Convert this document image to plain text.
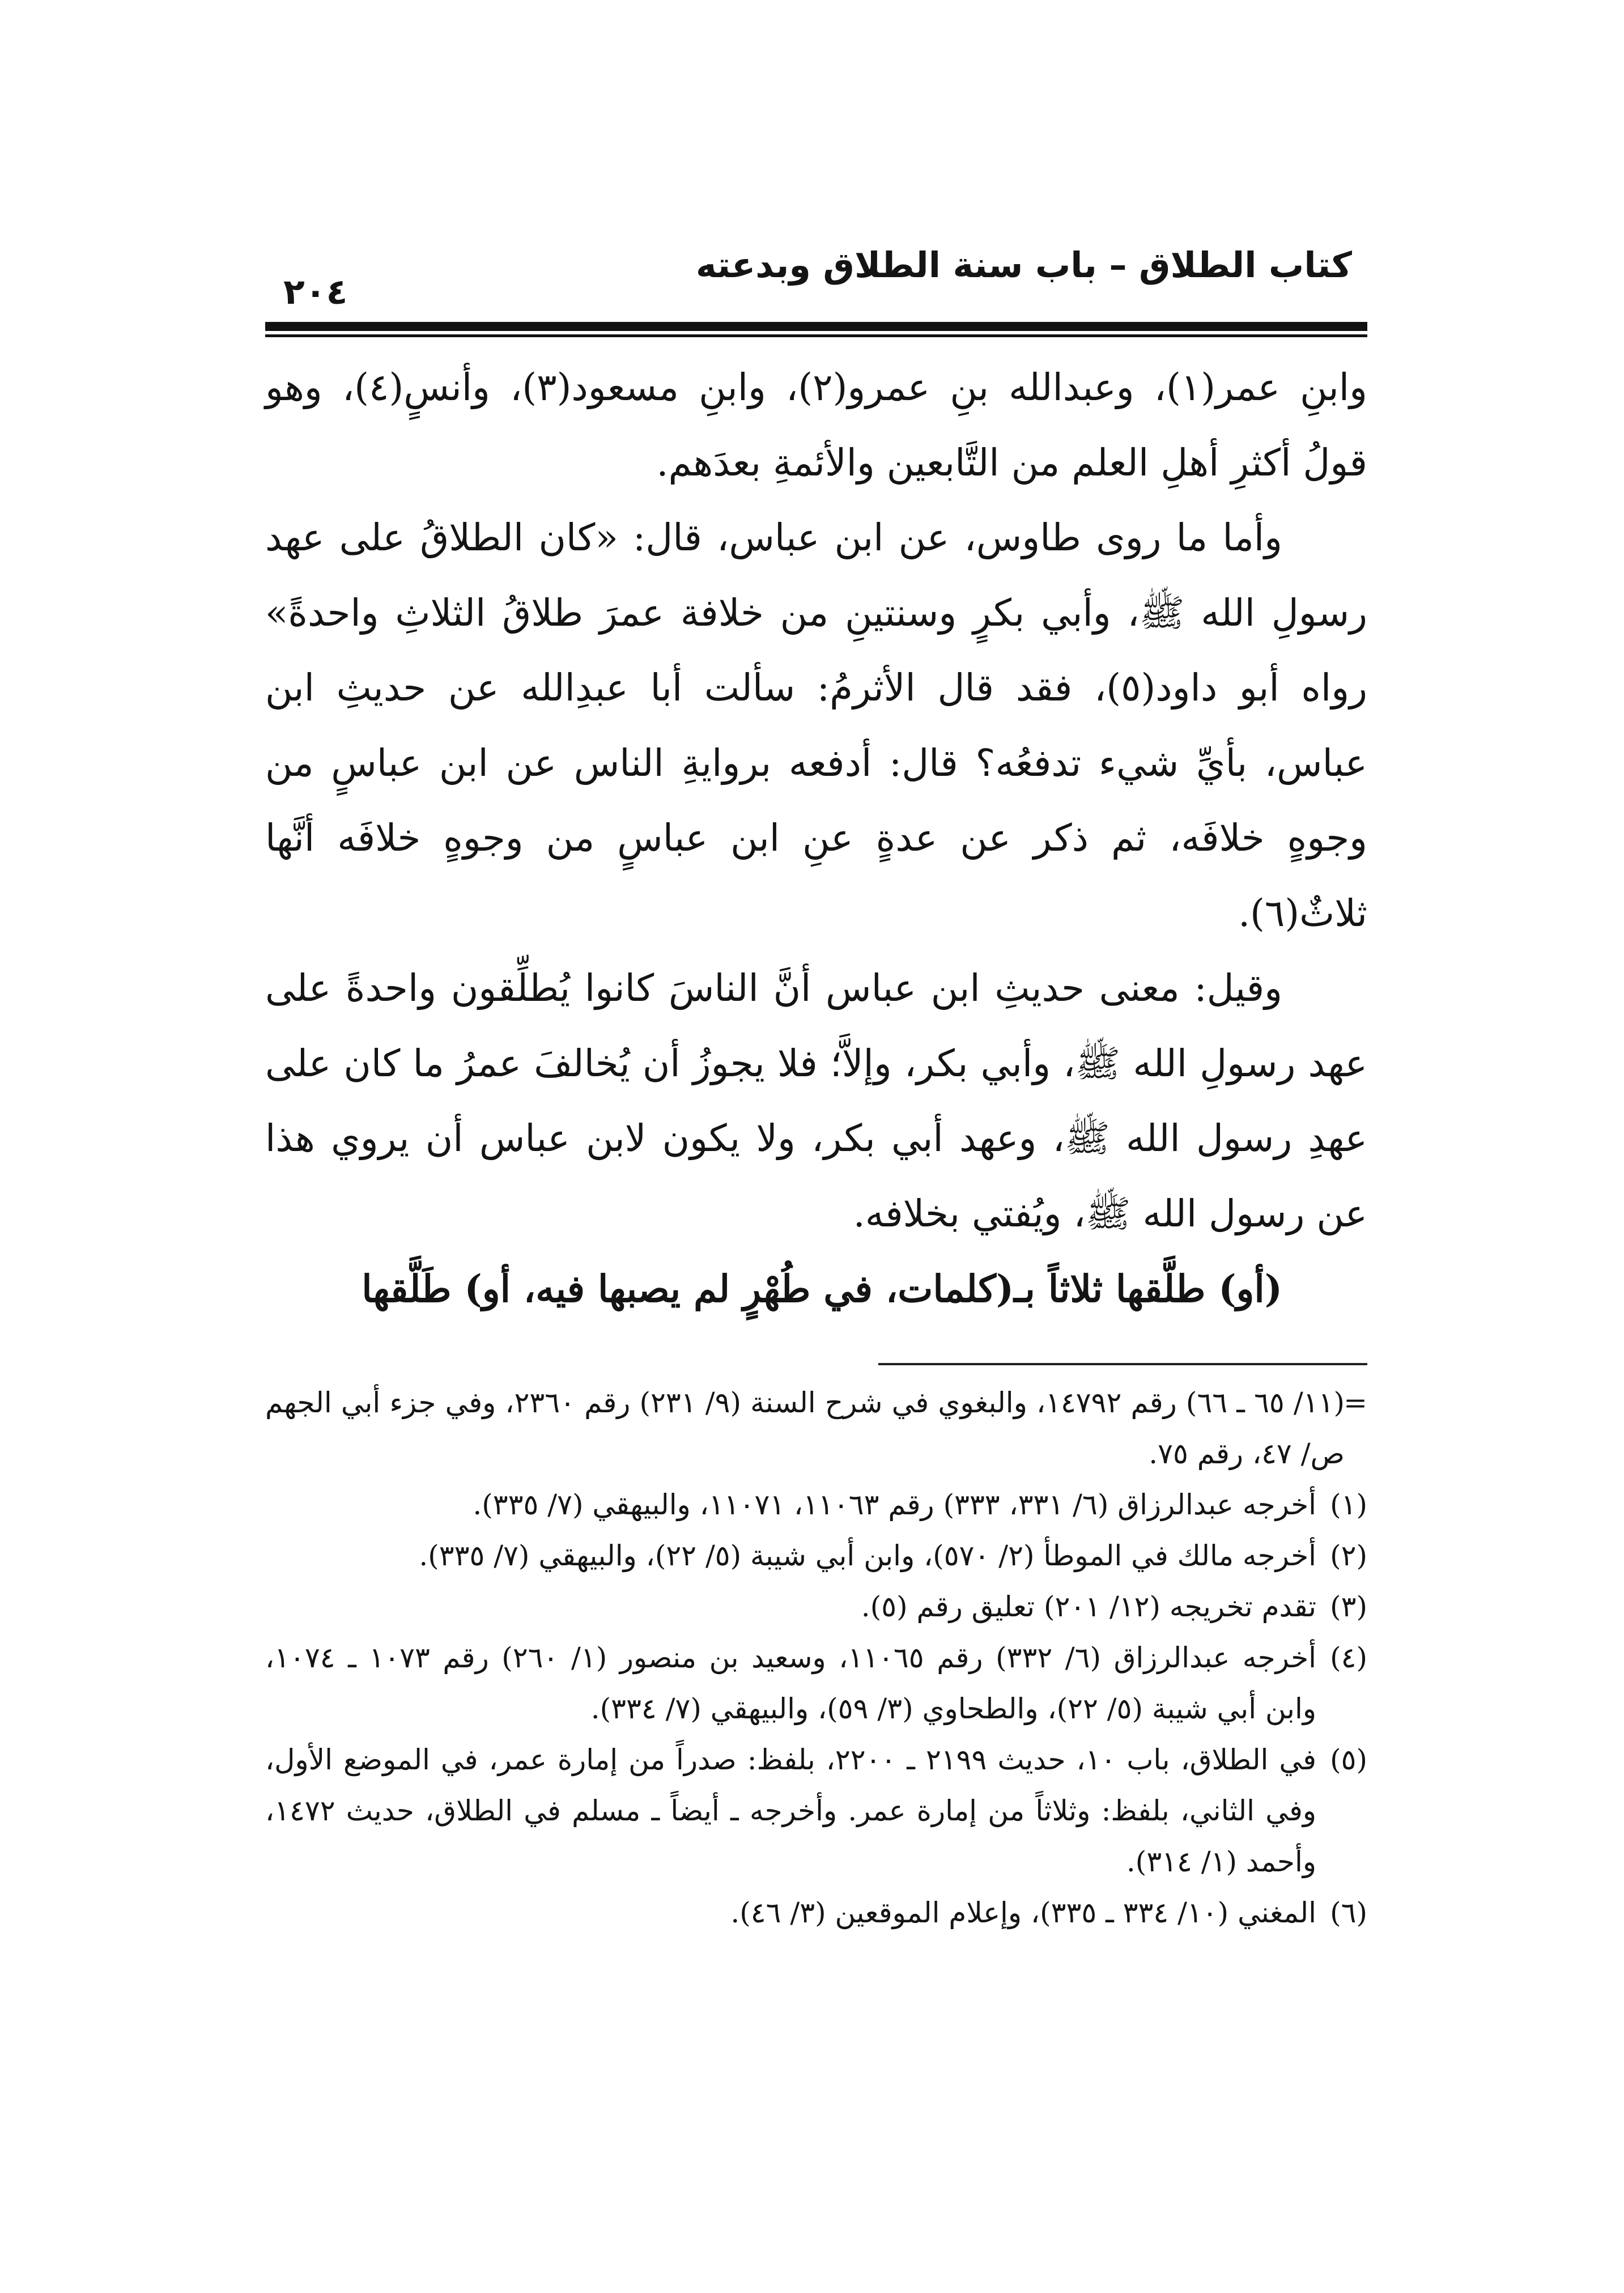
كتاب الطلاق – باب سنة الطلاق وبدعته
٢٠٤

وابنِ عمر(١)، وعبدالله بنِ عمرو(٢)، وابنِ مسعود(٣)، وأنسٍ(٤)، وهو قولُ أكثرِ أهلِ العلم من التَّابعين والأئمةِ بعدَهم.

وأما ما روى طاوس، عن ابن عباس، قال: «كان الطلاقُ على عهد رسولِ الله ﷺ، وأبي بكرٍ وسنتينِ من خلافة عمرَ طلاقُ الثلاثِ واحدةً» رواه أبو داود(٥)، فقد قال الأثرمُ: سألت أبا عبدِالله عن حديثِ ابن عباس، بأيِّ شيء تدفعُه؟ قال: أدفعه بروايةِ الناس عن ابن عباسٍ من وجوهٍ خلافَه، ثم ذكر عن عدةٍ عنِ ابن عباسٍ من وجوهٍ خلافَه أنَّها ثلاثٌ(٦).

وقيل: معنى حديثِ ابن عباس أنَّ الناسَ كانوا يُطلِّقون واحدةً على عهد رسولِ الله ﷺ، وأبي بكر، وإلاَّ؛ فلا يجوزُ أن يُخالفَ عمرُ ما كان على عهدِ رسول الله ﷺ، وعهد أبي بكر، ولا يكون لابن عباس أن يروي هذا عن رسول الله ﷺ، ويُفتي بخلافه.

(أو) طلَّقها ثلاثاً بـ(كلمات، في طُهْرٍ لم يصبها فيه، أو) طَلَّقها

=
(١١/ ٦٥ ـ ٦٦) رقم ١٤٧٩٢، والبغوي في شرح السنة (٩/ ٢٣١) رقم ٢٣٦٠، وفي جزء أبي الجهم ص/ ٤٧، رقم ٧٥.

(١)
أخرجه عبدالرزاق (٦/ ٣٣١، ٣٣٣) رقم ١١٠٦٣، ١١٠٧١، والبيهقي (٧/ ٣٣٥).

(٢)
أخرجه مالك في الموطأ (٢/ ٥٧٠)، وابن أبي شيبة (٥/ ٢٢)، والبيهقي (٧/ ٣٣٥).

(٣)
تقدم تخريجه (١٢/ ٢٠١) تعليق رقم (٥).

(٤)
أخرجه عبدالرزاق (٦/ ٣٣٢) رقم ١١٠٦٥، وسعيد بن منصور (١/ ٢٦٠) رقم ١٠٧٣ ـ ١٠٧٤، وابن أبي شيبة (٥/ ٢٢)، والطحاوي (٣/ ٥٩)، والبيهقي (٧/ ٣٣٤).

(٥)
في الطلاق، باب ١٠، حديث ٢١٩٩ ـ ٢٢٠٠، بلفظ: صدراً من إمارة عمر، في الموضع الأول، وفي الثاني، بلفظ: وثلاثاً من إمارة عمر. وأخرجه ـ أيضاً ـ مسلم في الطلاق، حديث ١٤٧٢، وأحمد (١/ ٣١٤).

(٦)
المغني (١٠/ ٣٣٤ ـ ٣٣٥)، وإعلام الموقعين (٣/ ٤٦).
